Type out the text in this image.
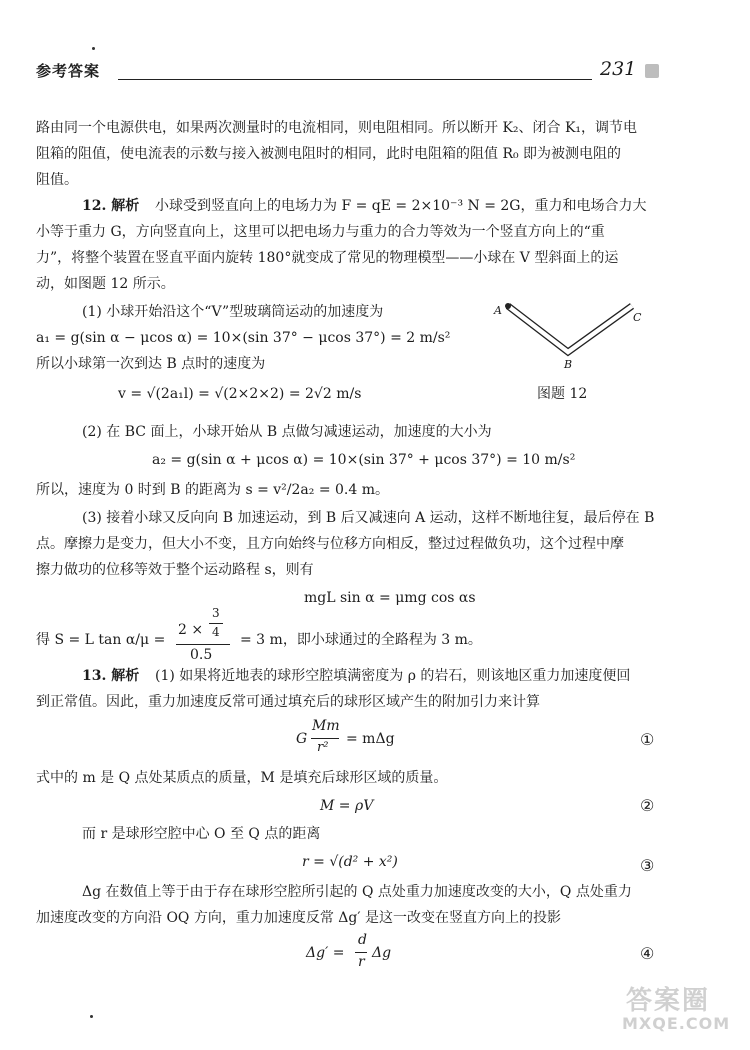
参考答案	231
路由同一个电源供电，如果两次测量时的电流相同，则电阻相同。所以断开 K₂、闭合 K₁，调节电
阻箱的阻值，使电流表的示数与接入被测电阻时的相同，此时电阻箱的阻值 R₀ 即为被测电阻的
阻值。
12. 解析 小球受到竖直向上的电场力为 F = qE = 2×10⁻³ N = 2G，重力和电场合力大
小等于重力 G，方向竖直向上，这里可以把电场力与重力的合力等效为一个竖直方向上的“重
力”，将整个装置在竖直平面内旋转 180°就变成了常见的物理模型——小球在 V 型斜面上的运
动，如图题 12 所示。
(1) 小球开始沿这个“V”型玻璃筒运动的加速度为
a₁ = g(sin α − μcos α) = 10×(sin 37° − μcos 37°) = 2 m/s²
所以小球第一次到达 B 点时的速度为
v = √(2a₁l) = √(2×2×2) = 2√2 m/s
A
B
C
图题 12
(2) 在 BC 面上，小球开始从 B 点做匀减速运动，加速度的大小为
a₂ = g(sin α + μcos α) = 10×(sin 37° + μcos 37°) = 10 m/s²
所以，速度为 0 时到 B 的距离为 s = v²/2a₂ = 0.4 m。
(3) 接着小球又反向向 B 加速运动，到 B 后又减速向 A 运动，这样不断地往复，最后停在 B
点。摩擦力是变力，但大小不变，且方向始终与位移方向相反，整过过程做负功，这个过程中摩
擦力做功的位移等效于整个运动路程 s，则有
mgL sin α = μmg cos αs
得 S = L tan α/μ =
2 ×
3
4
0.5
= 3 m，即小球通过的全路程为 3 m。
13. 解析 (1) 如果将近地表的球形空腔填满密度为 ρ 的岩石，则该地区重力加速度便回
到正常值。因此，重力加速度反常可通过填充后的球形区域产生的附加引力来计算
G
Mm
r²
= mΔg	①
式中的 m 是 Q 点处某质点的质量，M 是填充后球形区域的质量。
M = ρV	②
而 r 是球形空腔中心 O 至 Q 点的距离
r = √(d² + x²)	③
Δg 在数值上等于由于存在球形空腔所引起的 Q 点处重力加速度改变的大小，Q 点处重力
加速度改变的方向沿 OQ 方向，重力加速度反常 Δg′ 是这一改变在竖直方向上的投影
Δg′ =
d
r
Δg	④
答案圈
MXQE.COM
